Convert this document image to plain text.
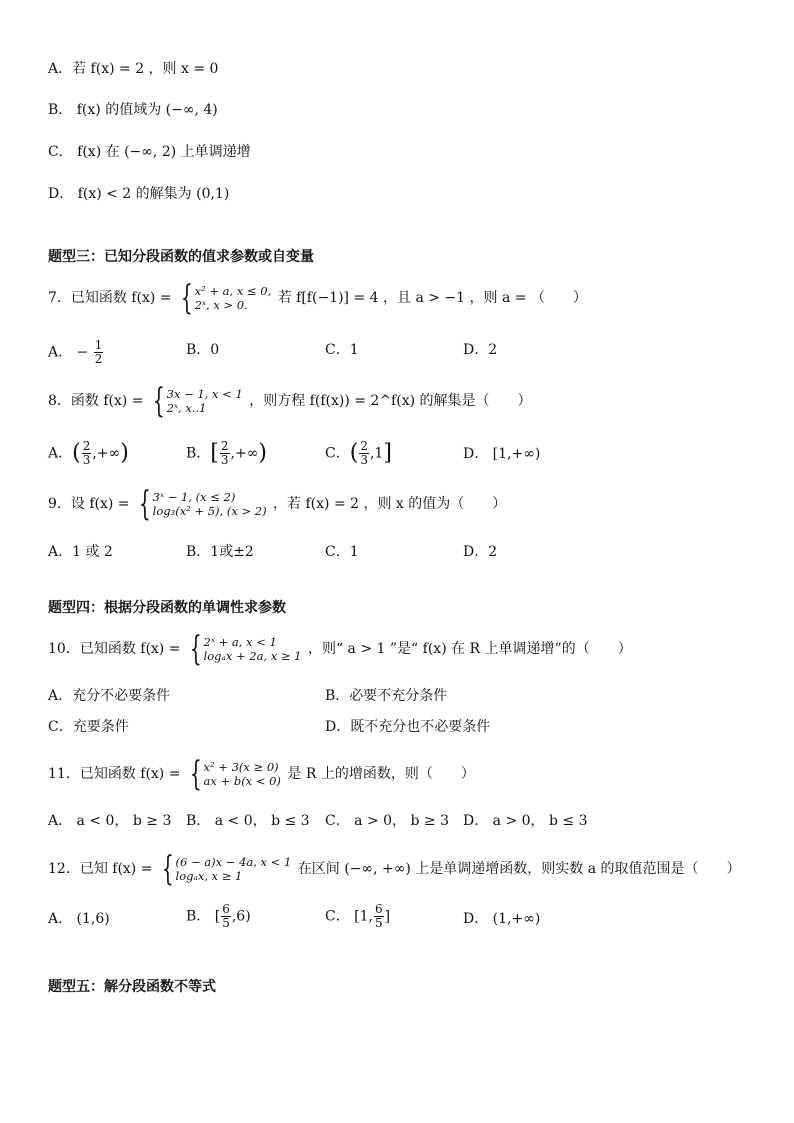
A．若 f(x) = 2 ，则 x = 0
B． f(x) 的值域为 (−∞, 4)
C． f(x) 在 (−∞, 2) 上单调递增
D． f(x) < 2 的解集为 (0,1)
题型三：已知分段函数的值求参数或自变量
7．已知函数 f(x) = { x² + a, x ≤ 0,
2ˣ, x > 0.	若 f[f(−1)] = 4 ，且 a > −1 ，则 a = （　　）
A． − $\frac{1}{2}$	B．0	C．1	D．2
8．函数 f(x) = { 3x − 1, x < 1
2ˣ, x..1	，则方程 f(f(x)) = 2^f(x) 的解集是（　　）
A．( $\frac{2}{3}$ ,+∞)	B．[ $\frac{2}{3}$ ,+∞)	C．( $\frac{2}{3} ,1$]	D． [1,+∞)
9．设 f(x) = { 3ˣ − 1, (x ≤ 2)
log₃(x² + 5), (x > 2) ，若 f(x) = 2 ，则 x 的值为（　　）
A．1 或 2	B．1或±2	C．1	D．2
题型四：根据分段函数的单调性求参数
10．已知函数 f(x) = { 2ˣ + a, x < 1
logₐx + 2a, x ≥ 1 ，则“ a > 1 ”是“ f(x) 在 R 上单调递增”的（　　）
A．充分不必要条件	B．必要不充分条件
C．充要条件	D．既不充分也不必要条件
11．已知函数 f(x) = { x² + 3(x ≥ 0)
ax + b(x < 0) 是 R 上的增函数，则（　　）
A． a < 0， b ≥ 3 B． a < 0， b ≤ 3 C． a > 0， b ≥ 3 D． a > 0， b ≤ 3
12．已知 f(x) = { (6 − a)x − 4a, x < 1
logₐx, x ≥ 1	在区间 (−∞, +∞) 上是单调递增函数，则实数 a 的取值范围是（　　）
A． (1,6)	B． [ $\frac{6}{5} ,6$)	C． [1, $\frac{6}{5}$ ]	D． (1,+∞)
题型五：解分段函数不等式
